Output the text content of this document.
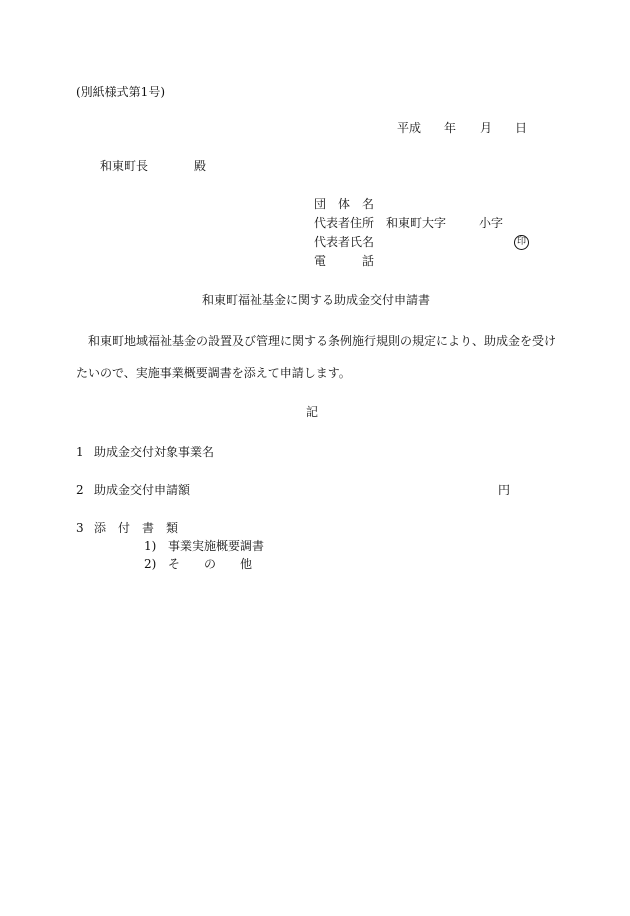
(別紙様式第1号)
平成 年 月 日
和東町長	殿
団　体　名
代表者住所 和東町大字	小字
代表者氏名	印
電　　　話
和東町福祉基金に関する助成金交付申請書
和東町地域福祉基金の設置及び管理に関する条例施行規則の規定により、助成金を受け
たいので、実施事業概要調書を添えて申請します。
記
1 助成金交付対象事業名
2 助成金交付申請額	円
3 添　付　書　類
1) 事業実施概要調書
2) そ　　の　　他
